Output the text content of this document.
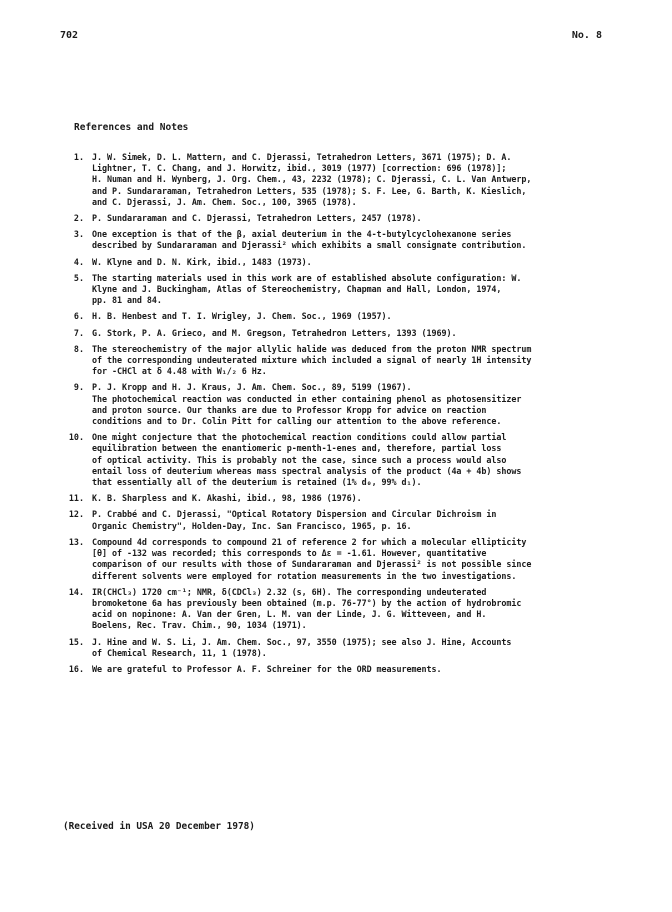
702	No. 8
References and Notes
1. J. W. Simek, D. L. Mattern, and C. Djerassi, Tetrahedron Letters, 3671 (1975); D. A.
Lightner, T. C. Chang, and J. Horwitz, ibid., 3019 (1977) [correction: 696 (1978)];
H. Numan and H. Wynberg, J. Org. Chem., 43, 2232 (1978); C. Djerassi, C. L. Van Antwerp,
and P. Sundararaman, Tetrahedron Letters, 535 (1978); S. F. Lee, G. Barth, K. Kieslich,
and C. Djerassi, J. Am. Chem. Soc., 100, 3965 (1978).
2. P. Sundararaman and C. Djerassi, Tetrahedron Letters, 2457 (1978).
3. One exception is that of the β, axial deuterium in the 4-t-butylcyclohexanone series
described by Sundararaman and Djerassi² which exhibits a small consignate contribution.
4. W. Klyne and D. N. Kirk, ibid., 1483 (1973).
5. The starting materials used in this work are of established absolute configuration: W.
Klyne and J. Buckingham, Atlas of Stereochemistry, Chapman and Hall, London, 1974,
pp. 81 and 84.
6. H. B. Henbest and T. I. Wrigley, J. Chem. Soc., 1969 (1957).
7. G. Stork, P. A. Grieco, and M. Gregson, Tetrahedron Letters, 1393 (1969).
8. The stereochemistry of the major allylic halide was deduced from the proton NMR spectrum
of the corresponding undeuterated mixture which included a signal of nearly 1H intensity
for -CHCl at δ 4.48 with W₁/₂ 6 Hz.
9. P. J. Kropp and H. J. Kraus, J. Am. Chem. Soc., 89, 5199 (1967).
The photochemical reaction was conducted in ether containing phenol as photosensitizer
and proton source. Our thanks are due to Professor Kropp for advice on reaction
conditions and to Dr. Colin Pitt for calling our attention to the above reference.
10. One might conjecture that the photochemical reaction conditions could allow partial
equilibration between the enantiomeric p-menth-1-enes and, therefore, partial loss
of optical activity. This is probably not the case, since such a process would also
entail loss of deuterium whereas mass spectral analysis of the product (4a + 4b) shows
that essentially all of the deuterium is retained (1% d₀, 99% d₁).
11. K. B. Sharpless and K. Akashi, ibid., 98, 1986 (1976).
12. P. Crabbé and C. Djerassi, "Optical Rotatory Dispersion and Circular Dichroism in
Organic Chemistry", Holden-Day, Inc. San Francisco, 1965, p. 16.
13. Compound 4d corresponds to compound 21 of reference 2 for which a molecular ellipticity
[θ] of -132 was recorded; this corresponds to Δε = -1.61. However, quantitative
comparison of our results with those of Sundararaman and Djerassi² is not possible since
different solvents were employed for rotation measurements in the two investigations.
14. IR(CHCl₃) 1720 cm⁻¹; NMR, δ(CDCl₃) 2.32 (s, 6H). The corresponding undeuterated
bromoketone 6a has previously been obtained (m.p. 76-77°) by the action of hydrobromic
acid on nopinone: A. Van der Gren, L. M. van der Linde, J. G. Witteveen, and H.
Boelens, Rec. Trav. Chim., 90, 1034 (1971).
15. J. Hine and W. S. Li, J. Am. Chem. Soc., 97, 3550 (1975); see also J. Hine, Accounts
of Chemical Research, 11, 1 (1978).
16. We are grateful to Professor A. F. Schreiner for the ORD measurements.
(Received in USA 20 December 1978)
